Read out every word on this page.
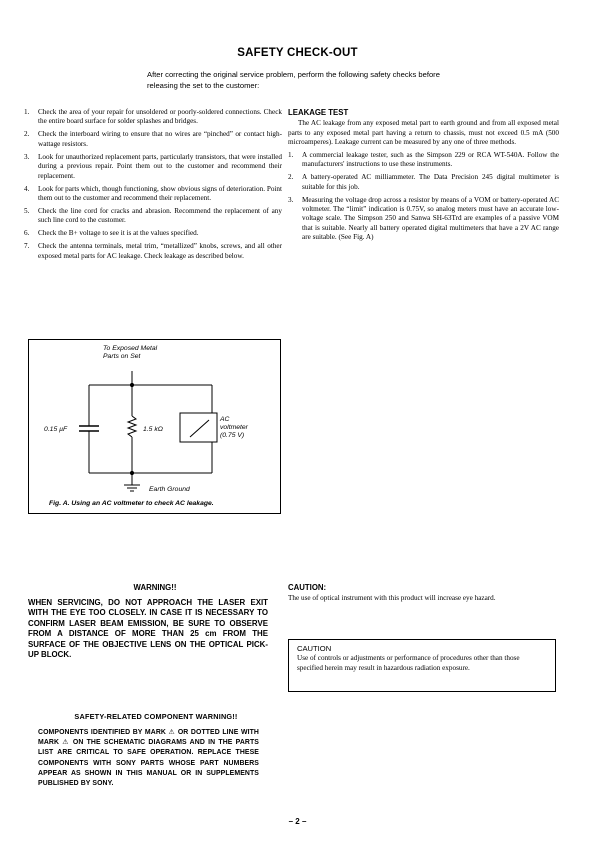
SAFETY CHECK-OUT
After correcting the original service problem, perform the following safety checks before releasing the set to the customer:
1. Check the area of your repair for unsoldered or poorly-soldered connections. Check the entire board surface for solder splashes and bridges.
2. Check the interboard wiring to ensure that no wires are “pinched” or contact high-wattage resistors.
3. Look for unauthorized replacement parts, particularly transistors, that were installed during a previous repair. Point them out to the customer and recommend their replacement.
4. Look for parts which, though functioning, show obvious signs of deterioration. Point them out to the customer and recommend their replacement.
5. Check the line cord for cracks and abrasion. Recommend the replacement of any such line cord to the customer.
6. Check the B+ voltage to see it is at the values specified.
7. Check the antenna terminals, metal trim, “metallized” knobs, screws, and all other exposed metal parts for AC leakage. Check leakage as described below.
LEAKAGE TEST

The AC leakage from any exposed metal part to earth ground and from all exposed metal parts to any exposed metal part having a return to chassis, must not exceed 0.5 mA (500 microamperes). Leakage current can be measured by any one of three methods.

1. A commercial leakage tester, such as the Simpson 229 or RCA WT-540A. Follow the manufacturers' instructions to use these instruments.
2. A battery-operated AC milliammeter. The Data Precision 245 digital multimeter is suitable for this job.
3. Measuring the voltage drop across a resistor by means of a VOM or battery-operated AC voltmeter. The “limit” indication is 0.75V, so analog meters must have an accurate low-voltage scale. The Simpson 250 and Sanwa SH-63Trd are examples of a passive VOM that is suitable. Nearly all battery operated digital multimeters that have a 2V AC range are suitable. (See Fig. A)
To Exposed Metal
Parts on Set
0.15 µF	1.5 kΩ
AC
voltmeter
(0.75 V)
Earth Ground
Fig. A. Using an AC voltmeter to check AC leakage.
WARNING!!
WHEN SERVICING, DO NOT APPROACH THE LASER EXIT WITH THE EYE TOO CLOSELY. IN CASE IT IS NECESSARY TO CONFIRM LASER BEAM EMISSION, BE SURE TO OBSERVE FROM A DISTANCE OF MORE THAN 25 cm FROM THE SURFACE OF THE OBJECTIVE LENS ON THE OPTICAL PICK-UP BLOCK.
CAUTION:
The use of optical instrument with this product will increase eye hazard.
CAUTION
Use of controls or adjustments or performance of procedures other than those specified herein may result in hazardous radiation exposure.
SAFETY-RELATED COMPONENT WARNING!!
COMPONENTS IDENTIFIED BY MARK ⚠ OR DOTTED LINE WITH MARK ⚠ ON THE SCHEMATIC DIAGRAMS AND IN THE PARTS LIST ARE CRITICAL TO SAFE OPERATION. REPLACE THESE COMPONENTS WITH SONY PARTS WHOSE PART NUMBERS APPEAR AS SHOWN IN THIS MANUAL OR IN SUPPLEMENTS PUBLISHED BY SONY.
– 2 –
